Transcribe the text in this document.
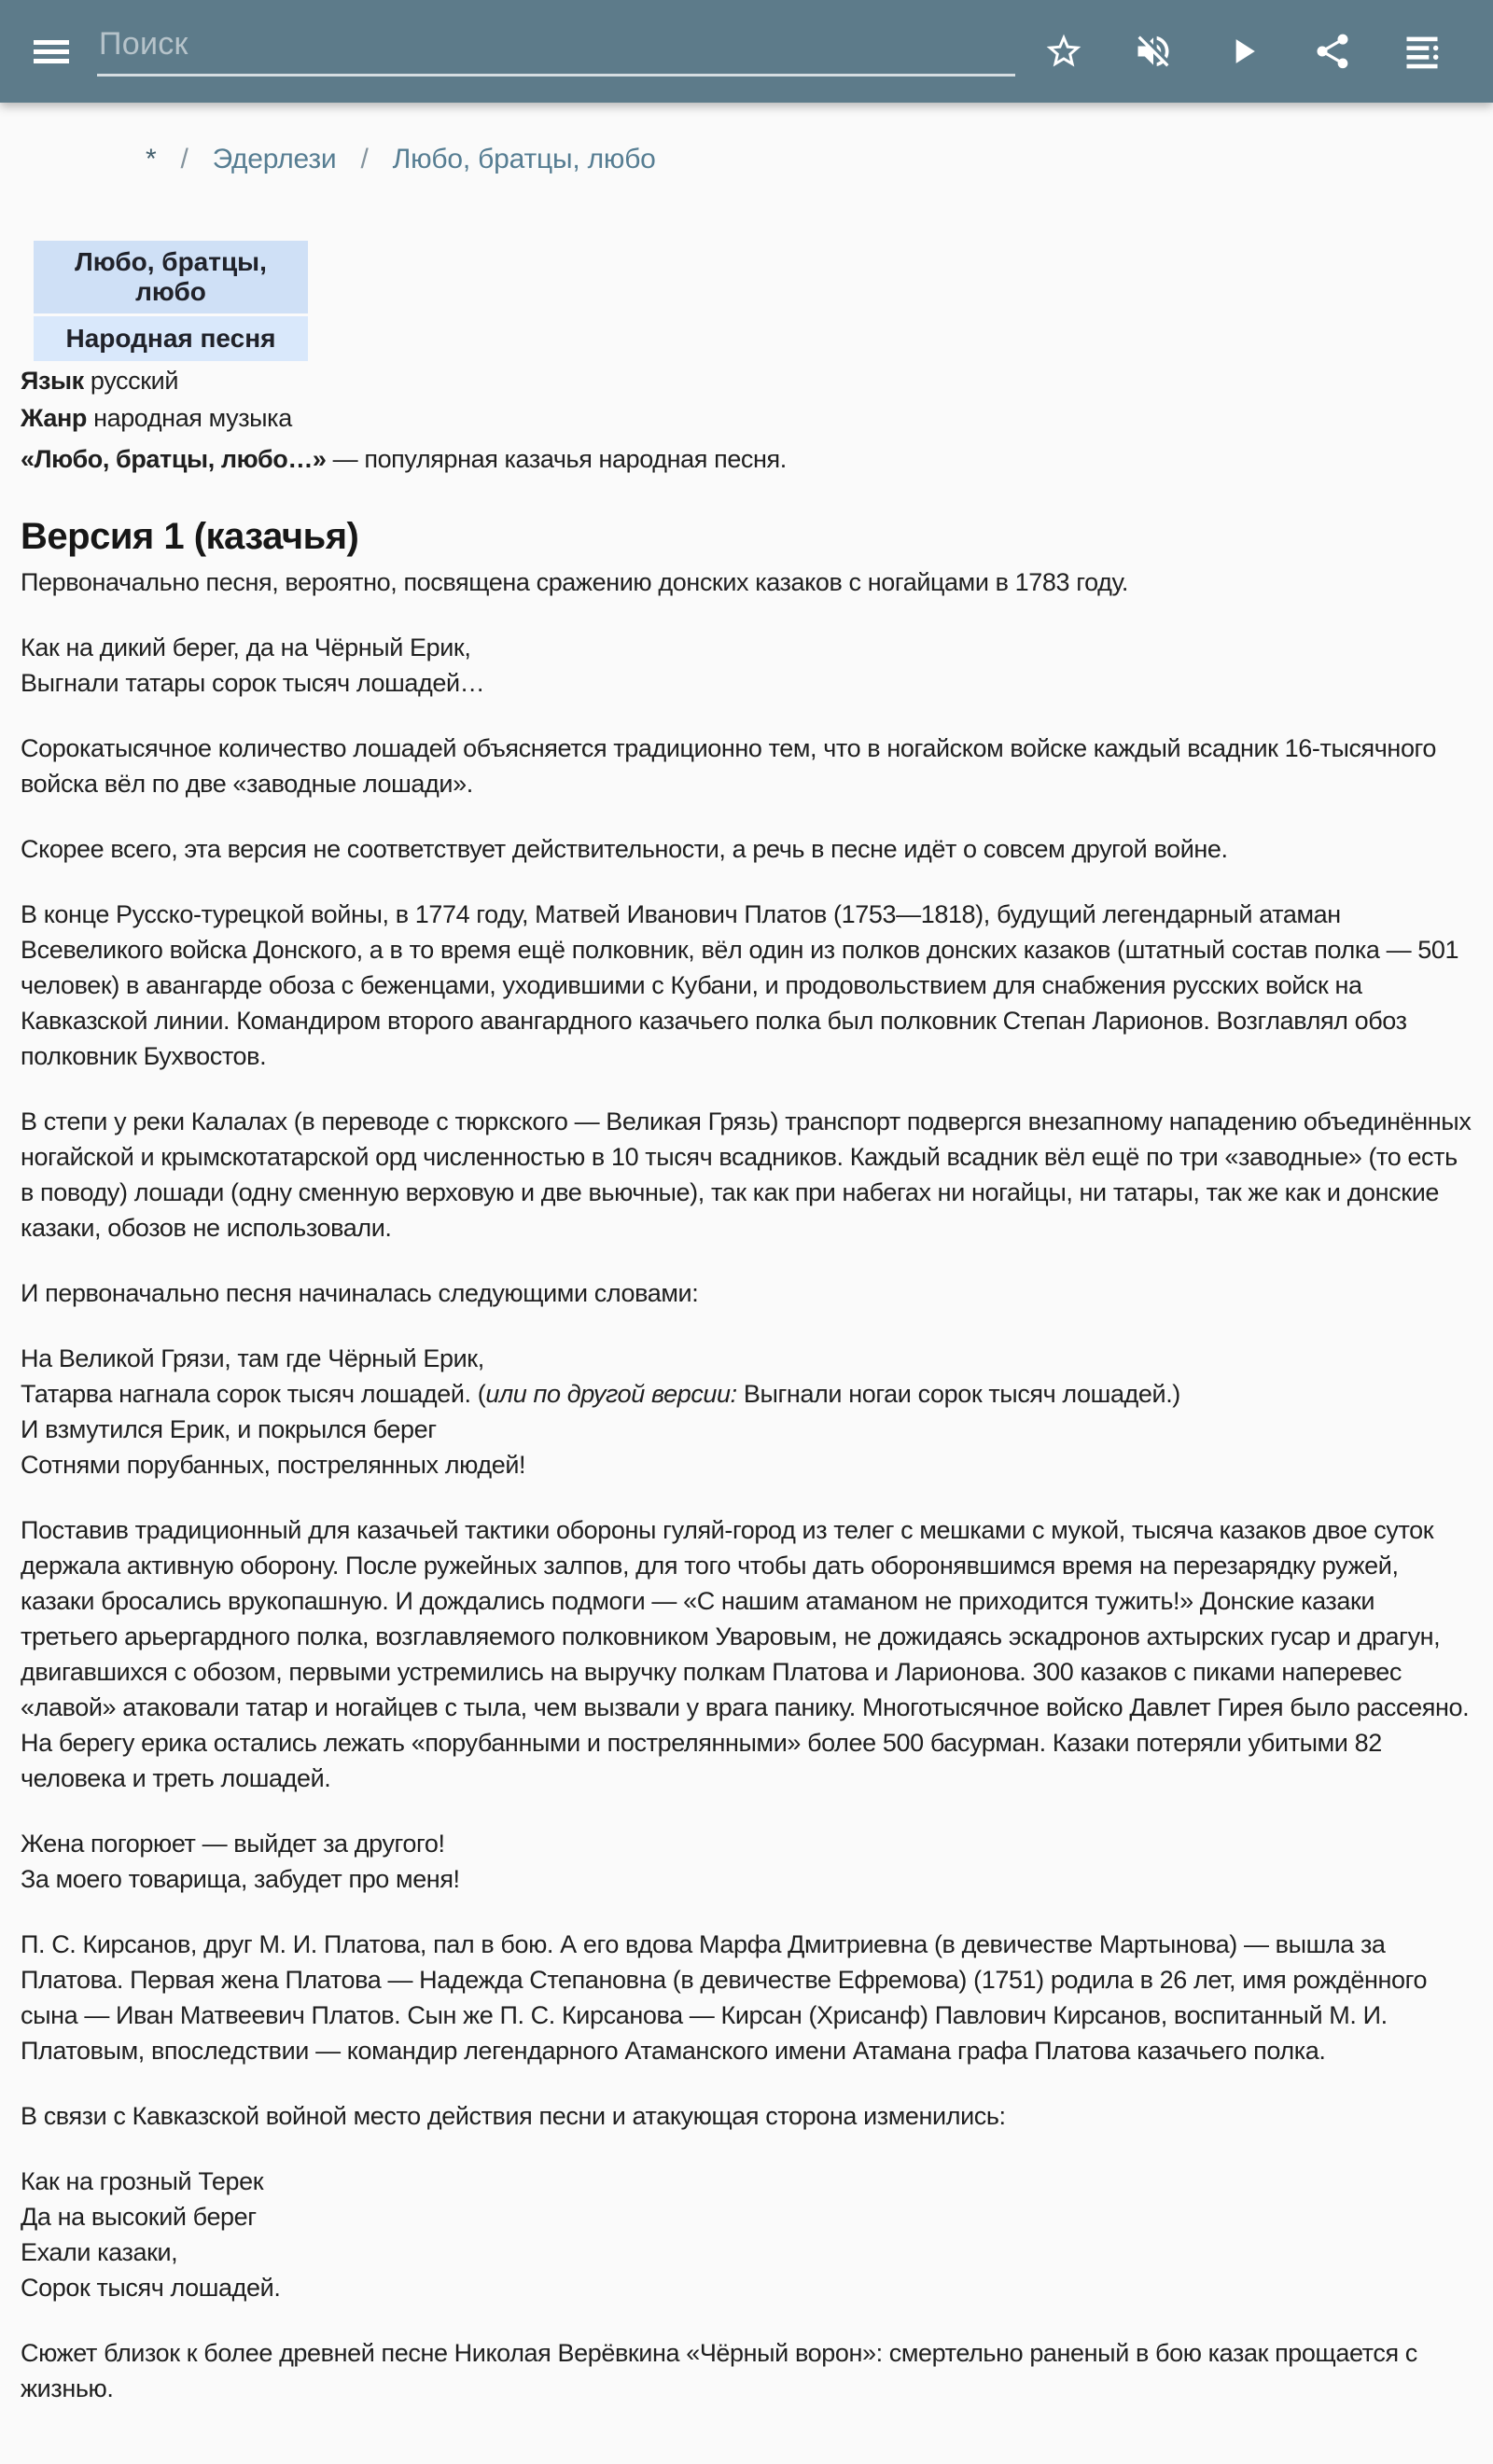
Поиск
* / Эдерлези / Любо, братцы, любо
Любо, братцы, любо
Народная песня

Язык русский

Жанр народная музыка

«Любо, братцы, любо…» — популярная казачья народная песня.

Версия 1 (казачья)

Первоначально песня, вероятно, посвящена сражению донских казаков с ногайцами в 1783 году.

Как на дикий берег, да на Чёрный Ерик,
Выгнали татары сорок тысяч лошадей…

Сорокатысячное количество лошадей объясняется традиционно тем, что в ногайском войске каждый всадник 16-тысячного войска вёл по две «заводные лошади».

Скорее всего, эта версия не соответствует действительности, а речь в песне идёт о совсем другой войне.

В конце Русско-турецкой войны, в 1774 году, Матвей Иванович Платов (1753—1818), будущий легендарный атаман Всевеликого войска Донского, а в то время ещё полковник, вёл один из полков донских казаков (штатный состав полка — 501 человек) в авангарде обоза с беженцами, уходившими с Кубани, и продовольствием для снабжения русских войск на Кавказской линии. Командиром второго авангардного казачьего полка был полковник Степан Ларионов. Возглавлял обоз полковник Бухвостов.

В степи у реки Калалах (в переводе с тюркского — Великая Грязь) транспорт подвергся внезапному нападению объединённых ногайской и крымскотатарской орд численностью в 10 тысяч всадников. Каждый всадник вёл ещё по три «заводные» (то есть в поводу) лошади (одну сменную верховую и две вьючные), так как при набегах ни ногайцы, ни татары, так же как и донские казаки, обозов не использовали.

И первоначально песня начиналась следующими словами:

На Великой Грязи, там где Чёрный Ерик,
Татарва нагнала сорок тысяч лошадей. (или по другой версии: Выгнали ногаи сорок тысяч лошадей.)
И взмутился Ерик, и покрылся берег
Сотнями порубанных, пострелянных людей!

Поставив традиционный для казачьей тактики обороны гуляй-город из телег с мешками с мукой, тысяча казаков двое суток держала активную оборону. После ружейных залпов, для того чтобы дать оборонявшимся время на перезарядку ружей, казаки бросались врукопашную. И дождались подмоги — «С нашим атаманом не приходится тужить!» Донские казаки третьего арьергардного полка, возглавляемого полковником Уваровым, не дожидаясь эскадронов ахтырских гусар и драгун, двигавшихся с обозом, первыми устремились на выручку полкам Платова и Ларионова. 300 казаков с пиками наперевес «лавой» атаковали татар и ногайцев с тыла, чем вызвали у врага панику. Многотысячное войско Давлет Гирея было рассеяно. На берегу ерика остались лежать «порубанными и пострелянными» более 500 басурман. Казаки потеряли убитыми 82 человека и треть лошадей.

Жена погорюет — выйдет за другого!
За моего товарища, забудет про меня!

П. С. Кирсанов, друг М. И. Платова, пал в бою. А его вдова Марфа Дмитриевна (в девичестве Мартынова) — вышла за Платова. Первая жена Платова — Надежда Степановна (в девичестве Ефремова) (1751) родила в 26 лет, имя рождённого сына — Иван Матвеевич Платов. Сын же П. С. Кирсанова — Кирсан (Хрисанф) Павлович Кирсанов, воспитанный М. И. Платовым, впоследствии — командир легендарного Атаманского имени Атамана графа Платова казачьего полка.

В связи с Кавказской войной место действия песни и атакующая сторона изменились:

Как на грозный Терек
Да на высокий берег
Ехали казаки,
Сорок тысяч лошадей.

Сюжет близок к более древней песне Николая Верёвкина «Чёрный ворон»: смертельно раненый в бою казак прощается с жизнью.
